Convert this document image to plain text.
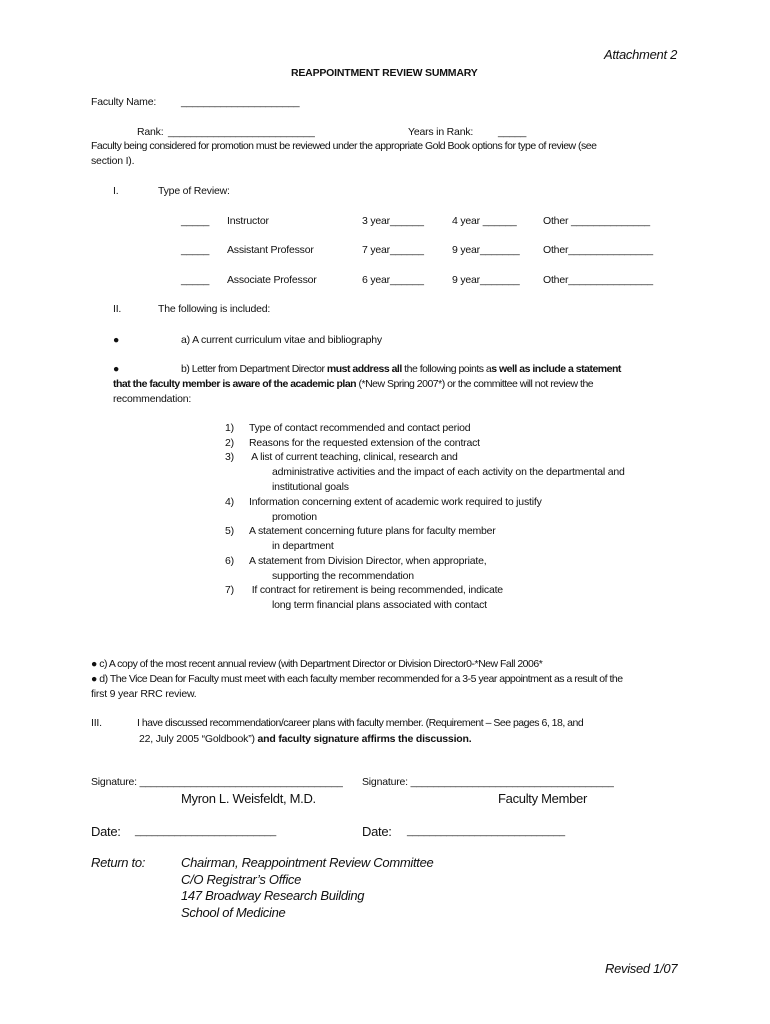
Attachment 2
REAPPOINTMENT REVIEW SUMMARY
Faculty Name: _____________________
Rank: __________________________	Years in Rank: _____
Faculty being considered for promotion must be reviewed under the appropriate Gold Book options for type of review (see
section I).
I.	Type of Review:
_____ Instructor	3 year______	4 year ______	Other ______________
_____ Assistant Professor	7 year______	9 year_______ Other_______________
_____ Associate Professor	6 year______	9 year_______ Other_______________
II.	The following is included:
●	a) A current curriculum vitae and bibliography
●	b) Letter from Department Director must address all the following points as well as include a statement
that the faculty member is aware of the academic plan (*New Spring 2007*) or the committee will not review the
recommendation:
1) Type of contact recommended and contact period
2) Reasons for the requested extension of the contract
3) A list of current teaching, clinical, research and
administrative activities and the impact of each activity on the departmental and
institutional goals
4) Information concerning extent of academic work required to justify
promotion
5) A statement concerning future plans for faculty member
in department
6) A statement from Division Director, when appropriate,
supporting the recommendation
7) If contract for retirement is being recommended, indicate
long term financial plans associated with contact
● c) A copy of the most recent annual review (with Department Director or Division Director0-*New Fall 2006*
● d) The Vice Dean for Faculty must meet with each faculty member recommended for a 3-5 year appointment as a result of the
first 9 year RRC review.
III.	I have discussed recommendation/career plans with faculty member. (Requirement – See pages 6, 18, and
22, July 2005 “Goldbook”) and faculty signature affirms the discussion.
Signature: ____________________________________ Signature: ____________________________________
Myron L. Weisfeldt, M.D.	Faculty Member
Date: _________________________	Date: ____________________________
Return to:	Chairman, Reappointment Review Committee
C/O Registrar’s Office
147 Broadway Research Building
School of Medicine
Revised 1/07
